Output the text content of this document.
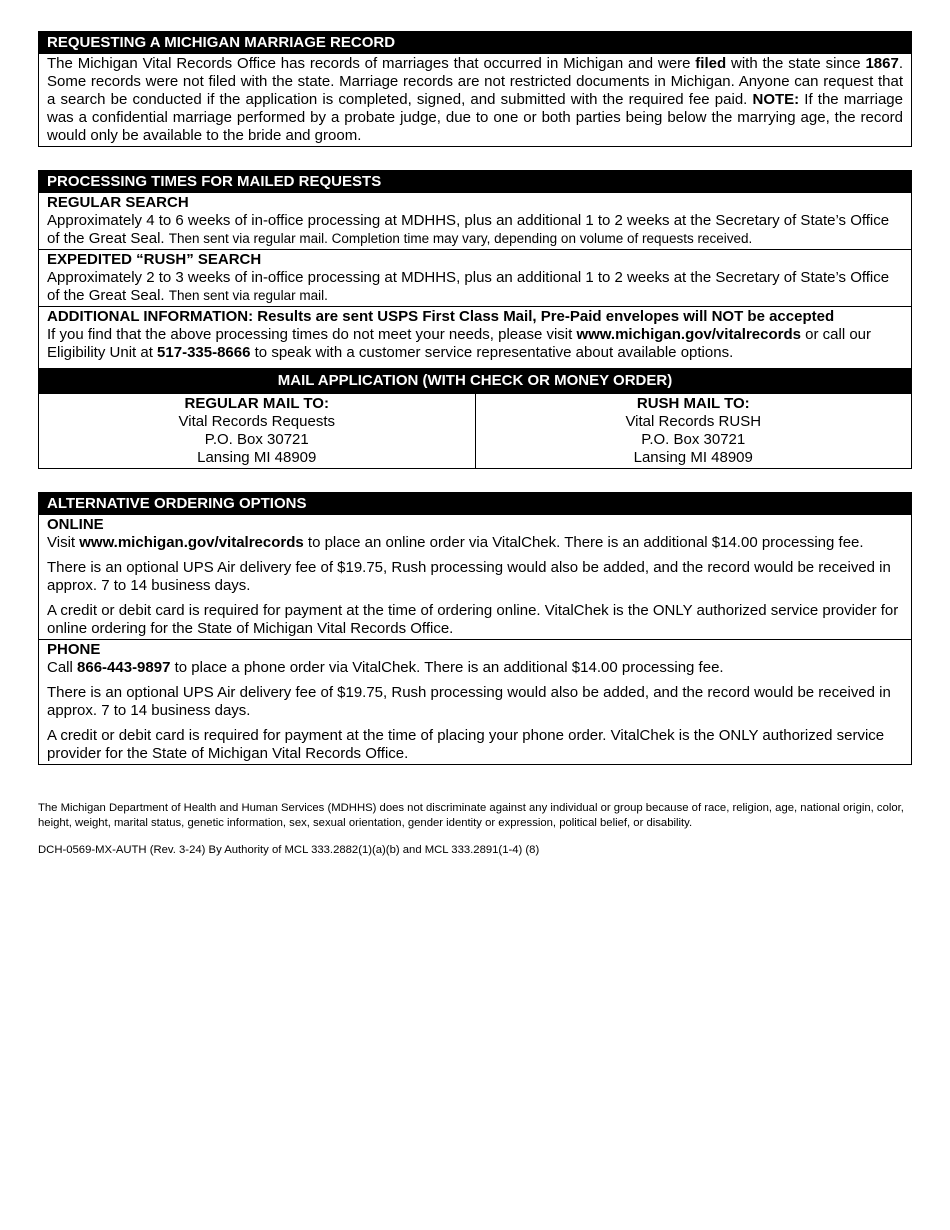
REQUESTING A MICHIGAN MARRIAGE RECORD
The Michigan Vital Records Office has records of marriages that occurred in Michigan and were filed with the state since 1867. Some records were not filed with the state. Marriage records are not restricted documents in Michigan. Anyone can request that a search be conducted if the application is completed, signed, and submitted with the required fee paid. NOTE: If the marriage was a confidential marriage performed by a probate judge, due to one or both parties being below the marrying age, the record would only be available to the bride and groom.
PROCESSING TIMES FOR MAILED REQUESTS
REGULAR SEARCH
Approximately 4 to 6 weeks of in-office processing at MDHHS, plus an additional 1 to 2 weeks at the Secretary of State’s Office of the Great Seal. Then sent via regular mail. Completion time may vary, depending on volume of requests received.
EXPEDITED “RUSH” SEARCH
Approximately 2 to 3 weeks of in-office processing at MDHHS, plus an additional 1 to 2 weeks at the Secretary of State’s Office of the Great Seal. Then sent via regular mail.
ADDITIONAL INFORMATION: Results are sent USPS First Class Mail, Pre-Paid envelopes will NOT be accepted
If you find that the above processing times do not meet your needs, please visit www.michigan.gov/vitalrecords or call our Eligibility Unit at 517-335-8666 to speak with a customer service representative about available options.
MAIL APPLICATION (WITH CHECK OR MONEY ORDER)
REGULAR MAIL TO:
Vital Records Requests
P.O. Box 30721
Lansing MI 48909
RUSH MAIL TO:
Vital Records RUSH
P.O. Box 30721
Lansing MI 48909
ALTERNATIVE ORDERING OPTIONS
ONLINE
Visit www.michigan.gov/vitalrecords to place an online order via VitalChek. There is an additional $14.00 processing fee.
There is an optional UPS Air delivery fee of $19.75, Rush processing would also be added, and the record would be received in approx. 7 to 14 business days.
A credit or debit card is required for payment at the time of ordering online. VitalChek is the ONLY authorized service provider for online ordering for the State of Michigan Vital Records Office.
PHONE
Call 866-443-9897 to place a phone order via VitalChek. There is an additional $14.00 processing fee.
There is an optional UPS Air delivery fee of $19.75, Rush processing would also be added, and the record would be received in approx. 7 to 14 business days.
A credit or debit card is required for payment at the time of placing your phone order. VitalChek is the ONLY authorized service provider for the State of Michigan Vital Records Office.
The Michigan Department of Health and Human Services (MDHHS) does not discriminate against any individual or group because of race, religion, age, national origin, color, height, weight, marital status, genetic information, sex, sexual orientation, gender identity or expression, political belief, or disability.
DCH-0569-MX-AUTH (Rev. 3-24) By Authority of MCL 333.2882(1)(a)(b) and MCL 333.2891(1-4) (8)
